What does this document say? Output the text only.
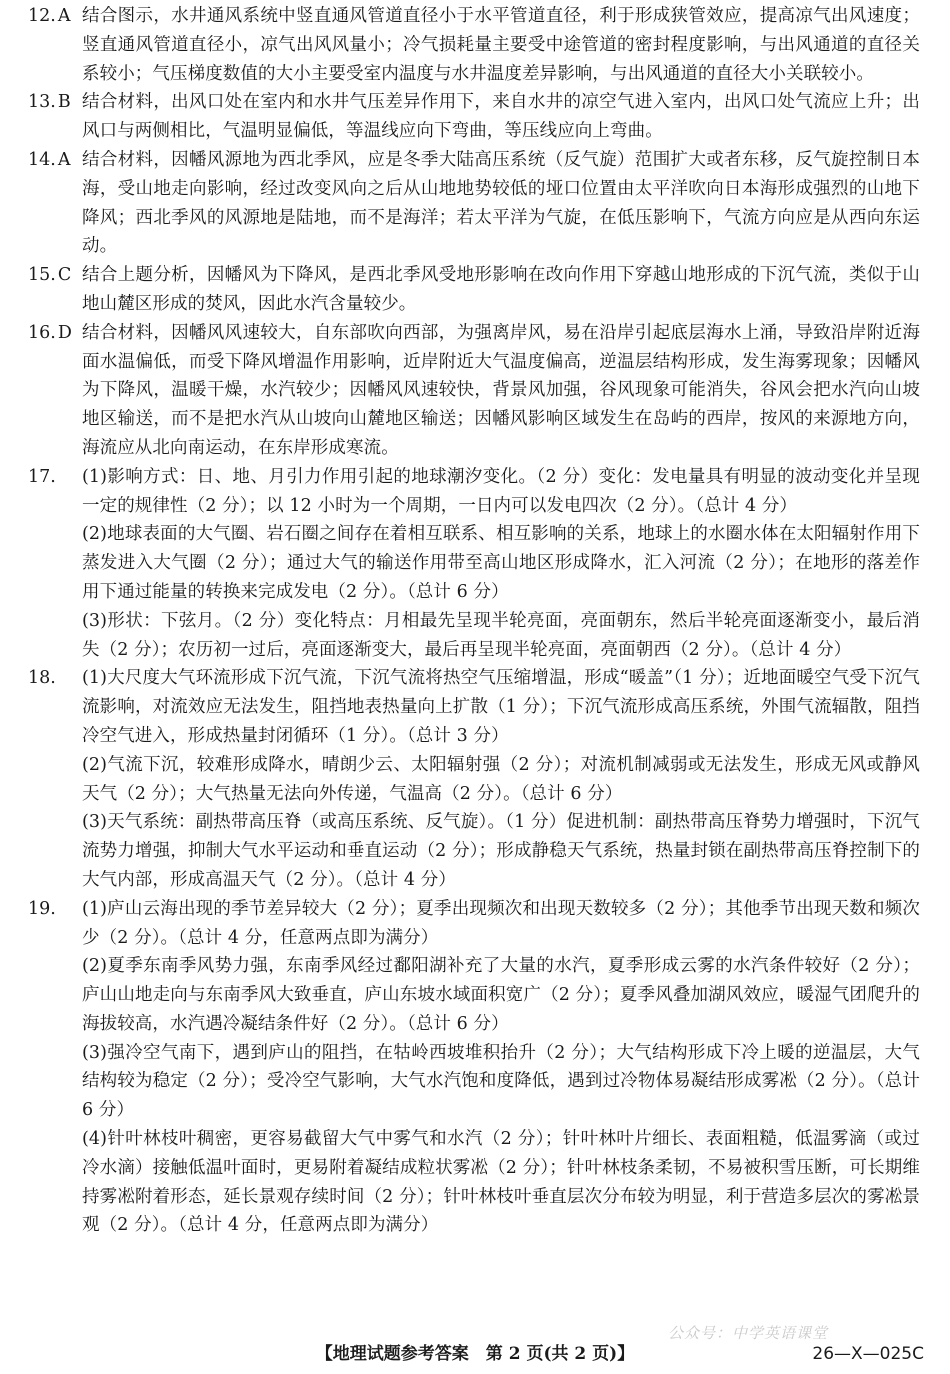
12. A 结合图示，水井通风系统中竖直通风管道直径小于水平管道直径，利于形成狭管效应，提高凉气出风速度；竖直通风管道直径小，凉气出风风量小；冷气损耗量主要受中途管道的密封程度影响，与出风通道的直径关系较小；气压梯度数值的大小主要受室内温度与水井温度差异影响，与出风通道的直径大小关联较小。

13. B 结合材料，出风口处在室内和水井气压差异作用下，来自水井的凉空气进入室内，出风口处气流应上升；出风口与两侧相比，气温明显偏低，等温线应向下弯曲，等压线应向上弯曲。

14. A 结合材料，因幡风源地为西北季风，应是冬季大陆高压系统（反气旋）范围扩大或者东移，反气旋控制日本海，受山地走向影响，经过改变风向之后从山地地势较低的垭口位置由太平洋吹向日本海形成强烈的山地下降风；西北季风的风源地是陆地，而不是海洋；若太平洋为气旋，在低压影响下，气流方向应是从西向东运动。

15. C 结合上题分析，因幡风为下降风，是西北季风受地形影响在改向作用下穿越山地形成的下沉气流，类似于山地山麓区形成的焚风，因此水汽含量较少。

16. D 结合材料，因幡风风速较大，自东部吹向西部，为强离岸风，易在沿岸引起底层海水上涌，导致沿岸附近海面水温偏低，而受下降风增温作用影响，近岸附近大气温度偏高，逆温层结构形成，发生海雾现象；因幡风为下降风，温暖干燥，水汽较少；因幡风风速较快，背景风加强，谷风现象可能消失，谷风会把水汽向山坡地区输送，而不是把水汽从山坡向山麓地区输送；因幡风影响区域发生在岛屿的西岸，按风的来源地方向，海流应从北向南运动，在东岸形成寒流。

17.	(1)影响方式：日、地、月引力作用引起的地球潮汐变化。（2 分）变化：发电量具有明显的波动变化并呈现一定的规律性（2 分）；以 12 小时为一个周期，一日内可以发电四次（2 分）。（总计 4 分）

(2)地球表面的大气圈、岩石圈之间存在着相互联系、相互影响的关系，地球上的水圈水体在太阳辐射作用下蒸发进入大气圈（2 分）；通过大气的输送作用带至高山地区形成降水，汇入河流（2 分）；在地形的落差作用下通过能量的转换来完成发电（2 分）。（总计 6 分）

(3)形状：下弦月。（2 分）变化特点：月相最先呈现半轮亮面，亮面朝东，然后半轮亮面逐渐变小，最后消失（2 分）；农历初一过后，亮面逐渐变大，最后再呈现半轮亮面，亮面朝西（2 分）。（总计 4 分）

18.	(1)大尺度大气环流形成下沉气流，下沉气流将热空气压缩增温，形成“暖盖”（1 分）；近地面暖空气受下沉气流影响，对流效应无法发生，阻挡地表热量向上扩散（1 分）；下沉气流形成高压系统，外围气流辐散，阻挡冷空气进入，形成热量封闭循环（1 分）。（总计 3 分）

(2)气流下沉，较难形成降水，晴朗少云、太阳辐射强（2 分）；对流机制减弱或无法发生，形成无风或静风天气（2 分）；大气热量无法向外传递，气温高（2 分）。（总计 6 分）

(3)天气系统：副热带高压脊（或高压系统、反气旋）。（1 分）促进机制：副热带高压脊势力增强时，下沉气流势力增强，抑制大气水平运动和垂直运动（2 分）；形成静稳天气系统，热量封锁在副热带高压脊控制下的大气内部，形成高温天气（2 分）。（总计 4 分）

19.	(1)庐山云海出现的季节差异较大（2 分）；夏季出现频次和出现天数较多（2 分）；其他季节出现天数和频次少（2 分）。（总计 4 分，任意两点即为满分）

(2)夏季东南季风势力强，东南季风经过鄱阳湖补充了大量的水汽，夏季形成云雾的水汽条件较好（2 分）；庐山山地走向与东南季风大致垂直，庐山东坡水域面积宽广（2 分）；夏季风叠加湖风效应，暖湿气团爬升的海拔较高，水汽遇冷凝结条件好（2 分）。（总计 6 分）

(3)强冷空气南下，遇到庐山的阻挡，在牯岭西坡堆积抬升（2 分）；大气结构形成下冷上暖的逆温层，大气结构较为稳定（2 分）；受冷空气影响，大气水汽饱和度降低，遇到过冷物体易凝结形成雾凇（2 分）。（总计 6 分）

(4)针叶林枝叶稠密，更容易截留大气中雾气和水汽（2 分）；针叶林叶片细长、表面粗糙，低温雾滴（或过冷水滴）接触低温叶面时，更易附着凝结成粒状雾凇（2 分）；针叶林枝条柔韧，不易被积雪压断，可长期维持雾凇附着形态，延长景观存续时间（2 分）；针叶林枝叶垂直层次分布较为明显，利于营造多层次的雾凇景观（2 分）。（总计 4 分，任意两点即为满分）

公众号：中学英语课堂
【地理试题参考答案　第 2 页(共 2 页)】	26—X—025C
